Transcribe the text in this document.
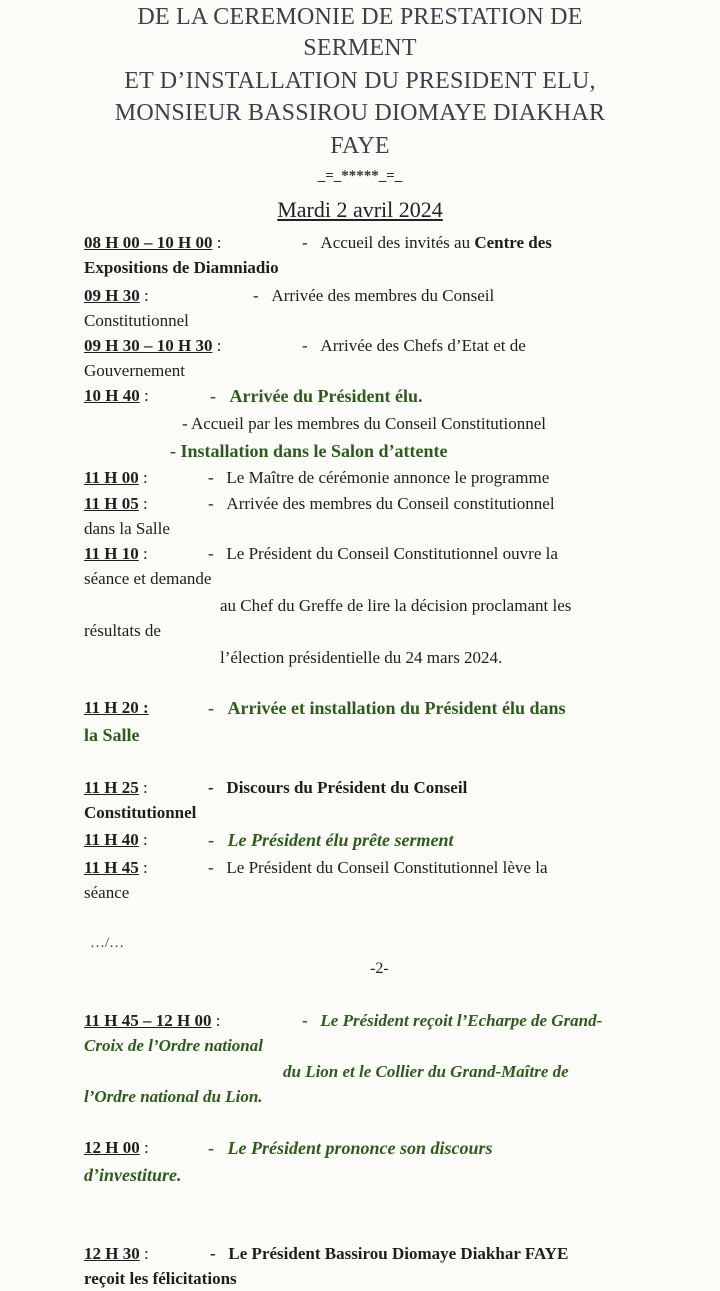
DE LA CEREMONIE DE PRESTATION DE
SERMENT
ET D’INSTALLATION DU PRESIDENT ELU,
MONSIEUR BASSIROU DIOMAYE DIAKHAR
FAYE
_=_*****_=_
Mardi 2 avril 2024
08 H 00 – 10 H 00 :	- Accueil des invités au Centre des
Expositions de Diamniadio
09 H 30 :	- Arrivée des membres du Conseil
Constitutionnel
09 H 30 – 10 H 30 :	- Arrivée des Chefs d’Etat et de
Gouvernement
10 H 40 :	- Arrivée du Président élu.
- Accueil par les membres du Conseil Constitutionnel
- Installation dans le Salon d’attente
11 H 00 :	- Le Maître de cérémonie annonce le programme
11 H 05 :	- Arrivée des membres du Conseil constitutionnel
dans la Salle
11 H 10 :	- Le Président du Conseil Constitutionnel ouvre la
séance et demande
au Chef du Greffe de lire la décision proclamant les
résultats de
l’élection présidentielle du 24 mars 2024.
11 H 20 :	- Arrivée et installation du Président élu dans
la Salle
11 H 25 :	- Discours du Président du Conseil
Constitutionnel
11 H 40 :	- Le Président élu prête serment
11 H 45 :	- Le Président du Conseil Constitutionnel lève la
séance
…/…
-2-
11 H 45 – 12 H 00 :	- Le Président reçoit l’Echarpe de Grand-
Croix de l’Ordre national
du Lion et le Collier du Grand-Maître de
l’Ordre national du Lion.
12 H 00 :	- Le Président prononce son discours
d’investiture.
12 H 30 :	- Le Président Bassirou Diomaye Diakhar FAYE
reçoit les félicitations
